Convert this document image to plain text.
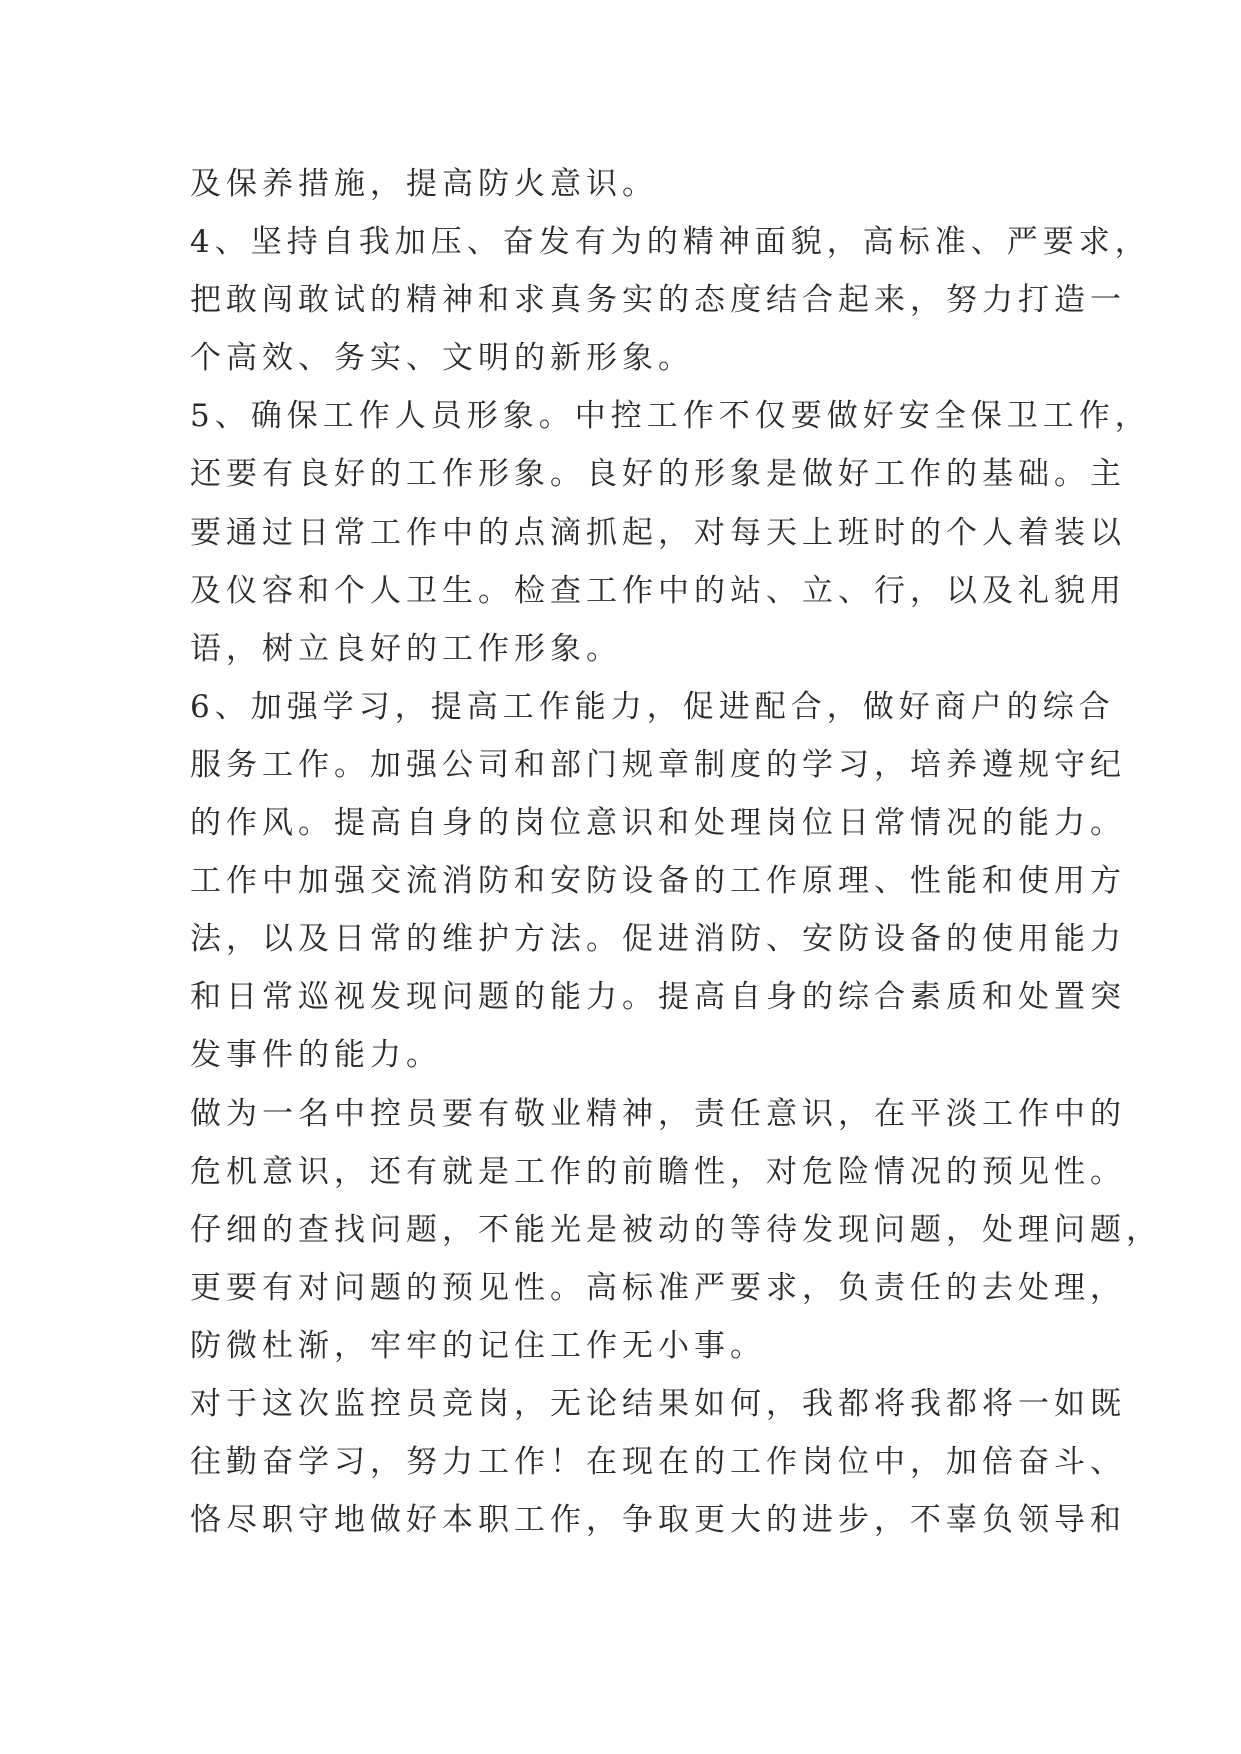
及保养措施，提高防火意识。
4、坚持自我加压、奋发有为的精神面貌，高标准、严要求，
把敢闯敢试的精神和求真务实的态度结合起来，努力打造一
个高效、务实、文明的新形象。
5、确保工作人员形象。中控工作不仅要做好安全保卫工作，
还要有良好的工作形象。良好的形象是做好工作的基础。主
要通过日常工作中的点滴抓起，对每天上班时的个人着装以
及仪容和个人卫生。检查工作中的站、立、行，以及礼貌用
语，树立良好的工作形象。
6、加强学习，提高工作能力，促进配合，做好商户的综合
服务工作。加强公司和部门规章制度的学习，培养遵规守纪
的作风。提高自身的岗位意识和处理岗位日常情况的能力。
工作中加强交流消防和安防设备的工作原理、性能和使用方
法，以及日常的维护方法。促进消防、安防设备的使用能力
和日常巡视发现问题的能力。提高自身的综合素质和处置突
发事件的能力。
做为一名中控员要有敬业精神，责任意识，在平淡工作中的
危机意识，还有就是工作的前瞻性，对危险情况的预见性。
仔细的查找问题，不能光是被动的等待发现问题，处理问题，
更要有对问题的预见性。高标准严要求，负责任的去处理，
防微杜渐，牢牢的记住工作无小事。
对于这次监控员竞岗，无论结果如何，我都将我都将一如既
往勤奋学习，努力工作！在现在的工作岗位中，加倍奋斗、
恪尽职守地做好本职工作，争取更大的进步，不辜负领导和
